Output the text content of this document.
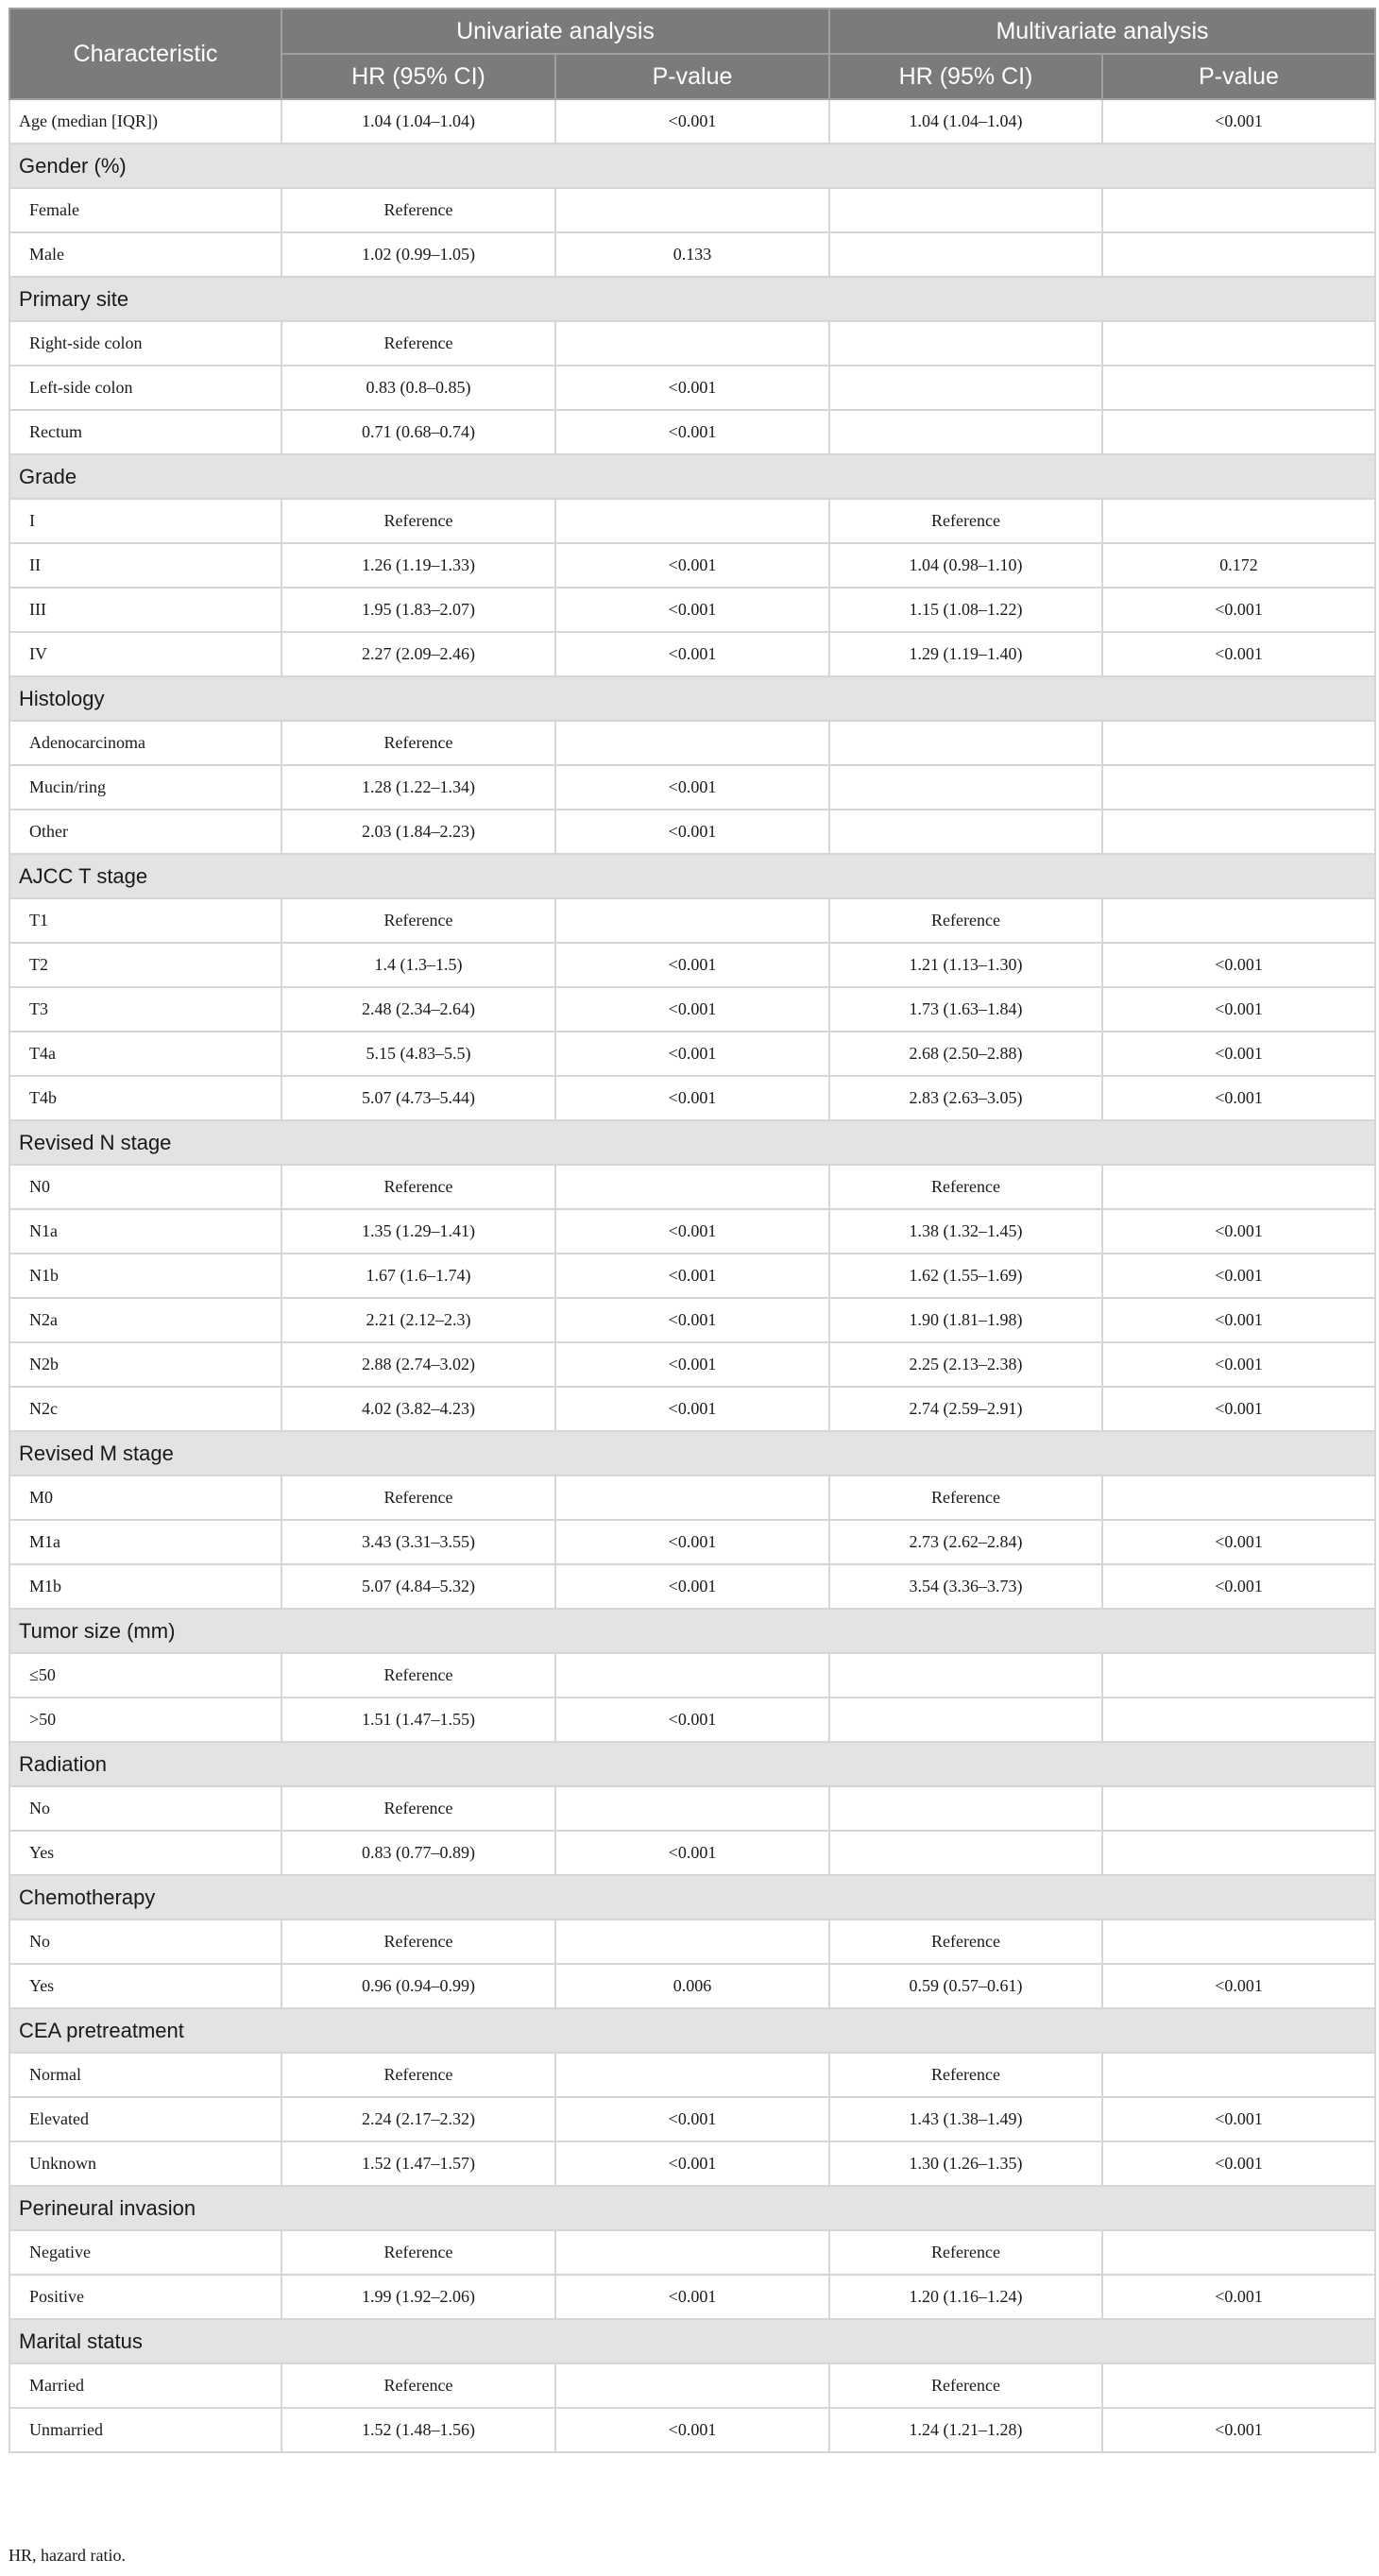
Characteristic	Univariate analysis		Multivariate analysis	
	HR (95% CI)	P-value	HR (95% CI)	P-value
Age (median [IQR])	1.04 (1.04–1.04)	<0.001	1.04 (1.04–1.04)	<0.001
Gender (%)				
Female	Reference			
Male	1.02 (0.99–1.05)	0.133		
Primary site				
Right-side colon	Reference			
Left-side colon	0.83 (0.8–0.85)	<0.001		
Rectum	0.71 (0.68–0.74)	<0.001		
Grade				
I	Reference		Reference	
II	1.26 (1.19–1.33)	<0.001	1.04 (0.98–1.10)	0.172
III	1.95 (1.83–2.07)	<0.001	1.15 (1.08–1.22)	<0.001
IV	2.27 (2.09–2.46)	<0.001	1.29 (1.19–1.40)	<0.001
Histology				
Adenocarcinoma	Reference			
Mucin/ring	1.28 (1.22–1.34)	<0.001		
Other	2.03 (1.84–2.23)	<0.001		
AJCC T stage				
T1	Reference		Reference	
T2	1.4 (1.3–1.5)	<0.001	1.21 (1.13–1.30)	<0.001
T3	2.48 (2.34–2.64)	<0.001	1.73 (1.63–1.84)	<0.001
T4a	5.15 (4.83–5.5)	<0.001	2.68 (2.50–2.88)	<0.001
T4b	5.07 (4.73–5.44)	<0.001	2.83 (2.63–3.05)	<0.001
Revised N stage				
N0	Reference		Reference	
N1a	1.35 (1.29–1.41)	<0.001	1.38 (1.32–1.45)	<0.001
N1b	1.67 (1.6–1.74)	<0.001	1.62 (1.55–1.69)	<0.001
N2a	2.21 (2.12–2.3)	<0.001	1.90 (1.81–1.98)	<0.001
N2b	2.88 (2.74–3.02)	<0.001	2.25 (2.13–2.38)	<0.001
N2c	4.02 (3.82–4.23)	<0.001	2.74 (2.59–2.91)	<0.001
Revised M stage				
M0	Reference		Reference	
M1a	3.43 (3.31–3.55)	<0.001	2.73 (2.62–2.84)	<0.001
M1b	5.07 (4.84–5.32)	<0.001	3.54 (3.36–3.73)	<0.001
Tumor size (mm)				
≤50	Reference			
>50	1.51 (1.47–1.55)	<0.001		
Radiation				
No	Reference			
Yes	0.83 (0.77–0.89)	<0.001		
Chemotherapy				
No	Reference		Reference	
Yes	0.96 (0.94–0.99)	0.006	0.59 (0.57–0.61)	<0.001
CEA pretreatment				
Normal	Reference		Reference	
Elevated	2.24 (2.17–2.32)	<0.001	1.43 (1.38–1.49)	<0.001
Unknown	1.52 (1.47–1.57)	<0.001	1.30 (1.26–1.35)	<0.001
Perineural invasion				
Negative	Reference		Reference	
Positive	1.99 (1.92–2.06)	<0.001	1.20 (1.16–1.24)	<0.001
Marital status				
Married	Reference		Reference	
Unmarried	1.52 (1.48–1.56)	<0.001	1.24 (1.21–1.28)	<0.001
HR, hazard ratio.
